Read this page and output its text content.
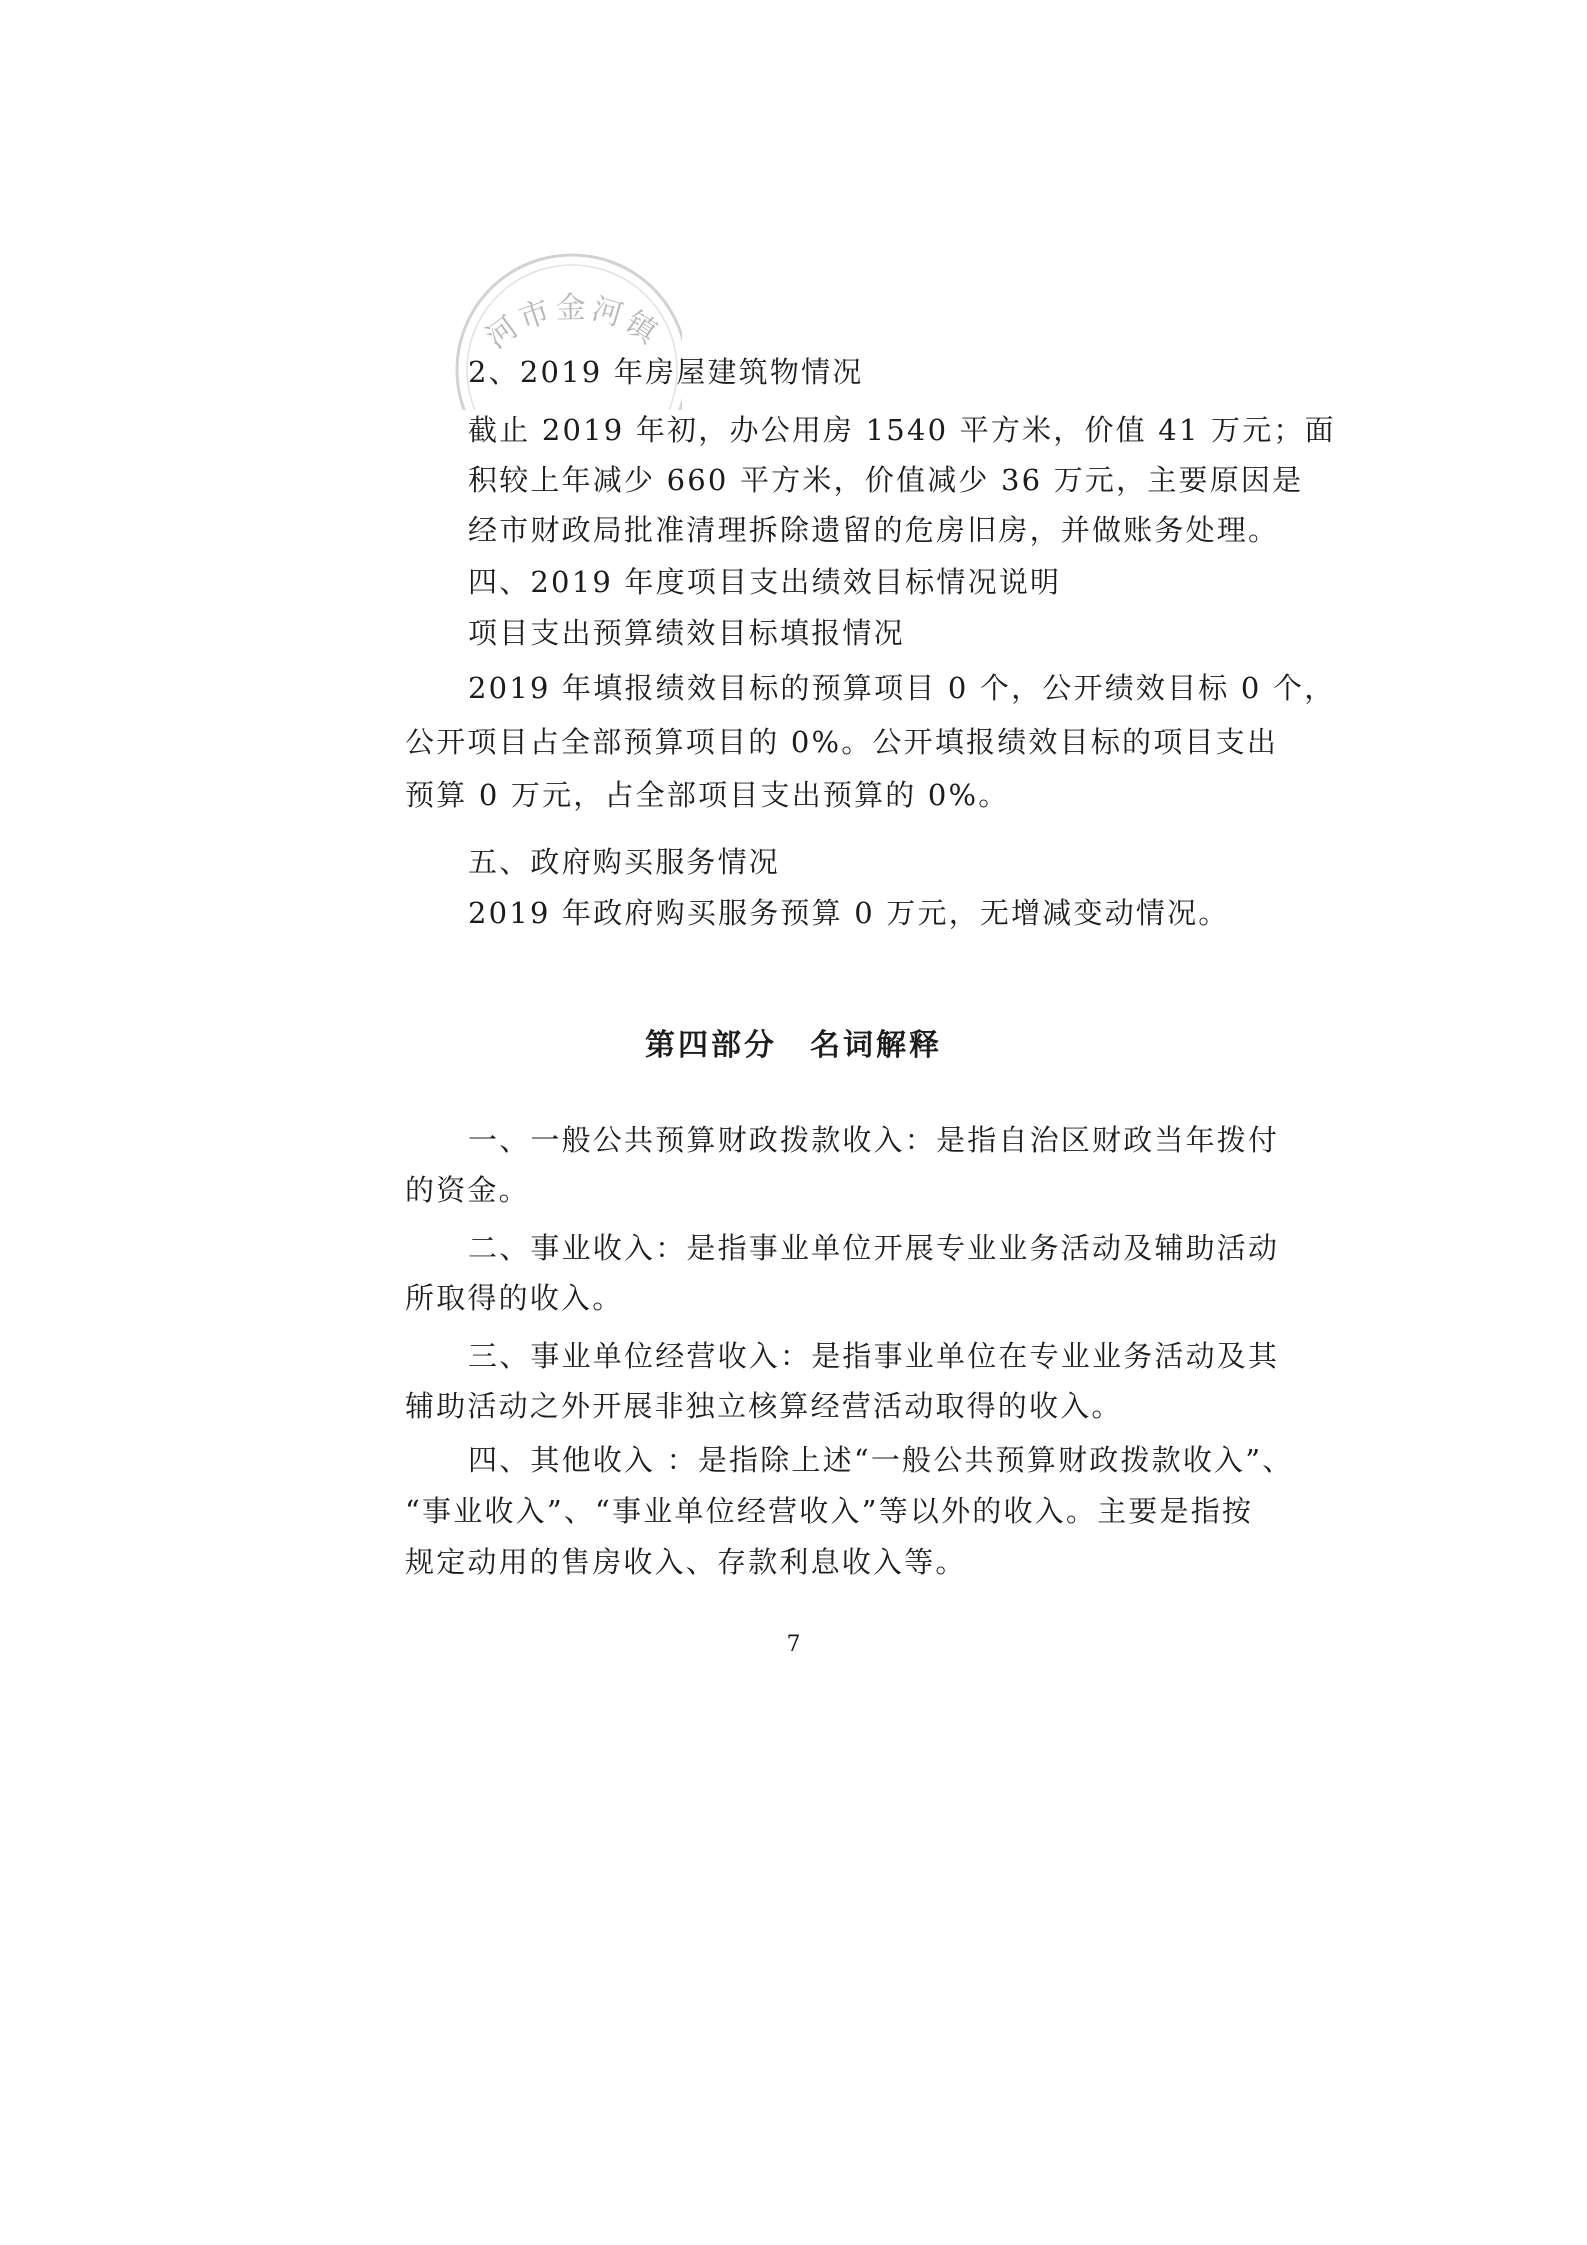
河市金河镇
2、2019 年房屋建筑物情况
截止 2019 年初，办公用房 1540 平方米，价值 41 万元；面
积较上年减少 660 平方米，价值减少 36 万元，主要原因是
经市财政局批准清理拆除遗留的危房旧房，并做账务处理。
四、2019 年度项目支出绩效目标情况说明
项目支出预算绩效目标填报情况
2019 年填报绩效目标的预算项目 0 个，公开绩效目标 0 个，
公开项目占全部预算项目的 0%。公开填报绩效目标的项目支出
预算 0 万元，占全部项目支出预算的 0%。
五、政府购买服务情况
2019 年政府购买服务预算 0 万元，无增减变动情况。
第四部分　名词解释
一、一般公共预算财政拨款收入：是指自治区财政当年拨付
的资金。
二、事业收入：是指事业单位开展专业业务活动及辅助活动
所取得的收入。
三、事业单位经营收入：是指事业单位在专业业务活动及其
辅助活动之外开展非独立核算经营活动取得的收入。
四、其他收入 ：是指除上述“一般公共预算财政拨款收入”、
“事业收入”、“事业单位经营收入”等以外的收入。主要是指按
规定动用的售房收入、存款利息收入等。
7
